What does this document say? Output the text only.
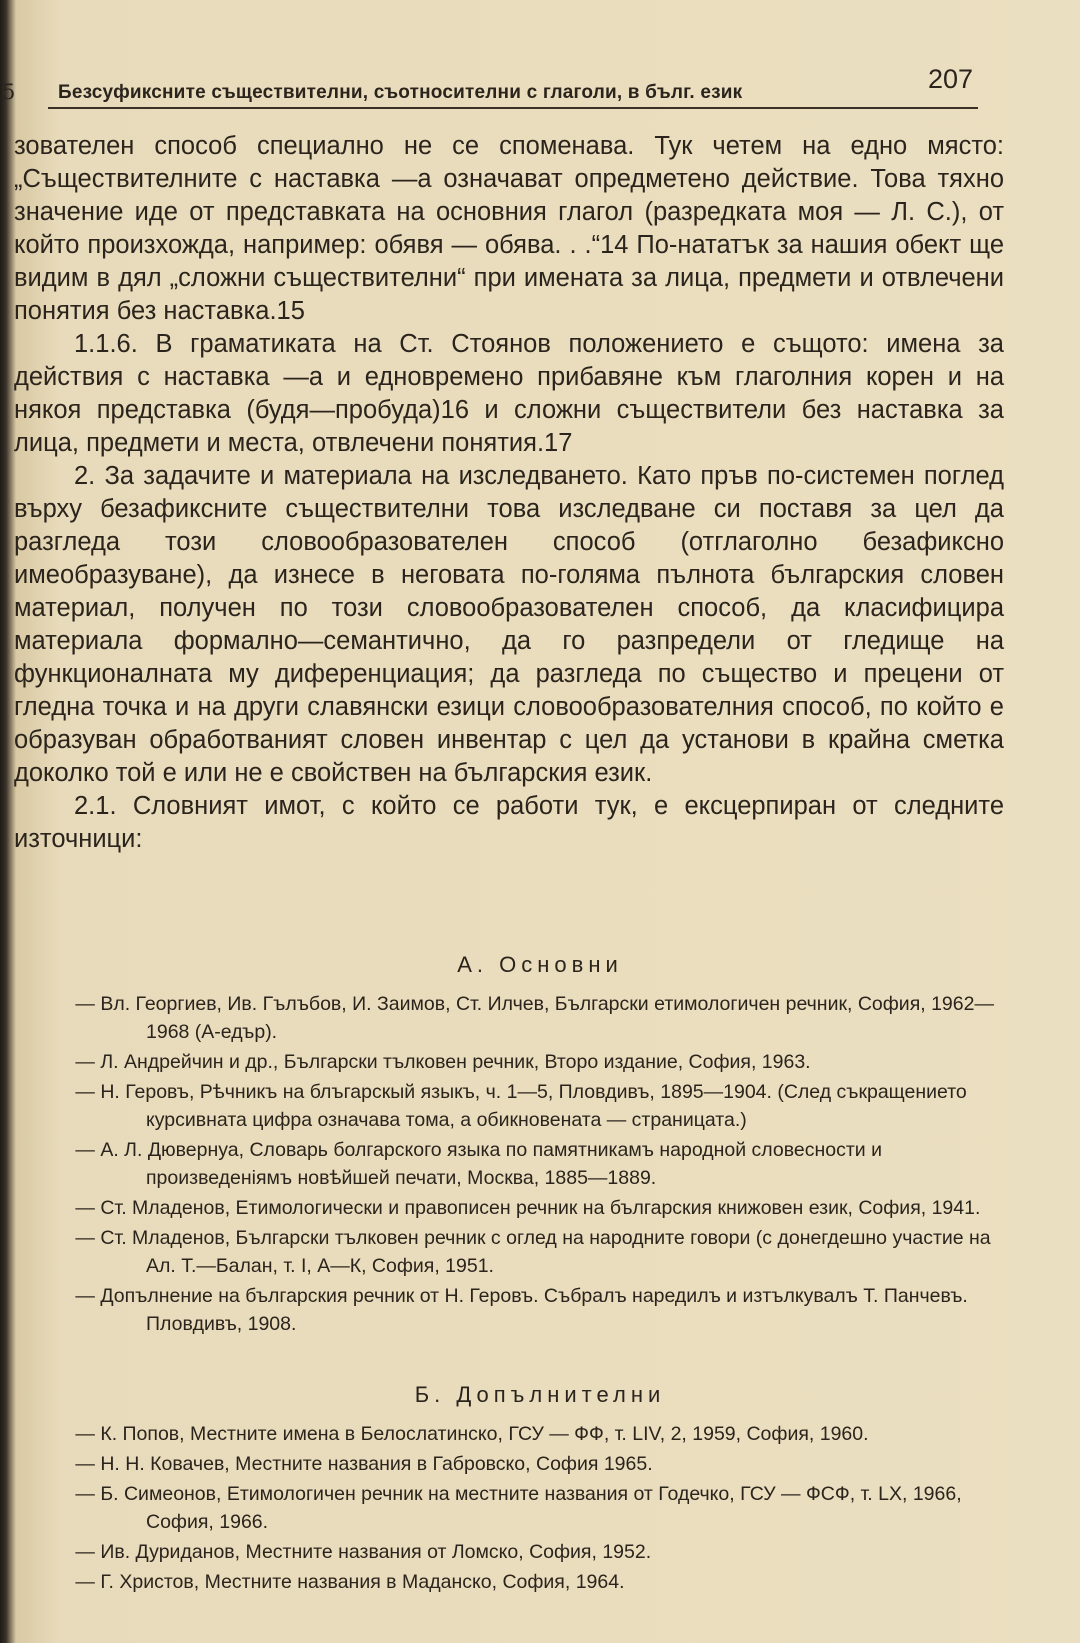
5 Безсуфиксните съществителни, съотносителни с глаголи, в бълг. език	207

зователен способ специално не се споменава. Тук четем на едно място: „Съществителните с наставка —а означават опредметено действие. Това тяхно значение иде от представката на основния глагол (разредката моя — Л. С.), от който произхожда, например: обявя — обява. . .“14 По-нататък за нашия обект ще видим в дял „сложни съществителни“ при имената за лица, предмети и отвлечени понятия без наставка.15

1.1.6. В граматиката на Ст. Стоянов положението е същото: имена за действия с наставка —а и едновремено прибавяне към глаголния корен и на някоя представка (будя—пробуда)16 и сложни съществители без наставка за лица, предмети и места, отвлечени понятия.17

2. За задачите и материала на изследването. Като пръв по-системен поглед върху безафиксните съществителни това изследване си поставя за цел да разгледа този словообразователен способ (отглаголно безафиксно имеобразуване), да изнесе в неговата по-голяма пълнота българския словен материал, получен по този словообразователен способ, да класифицира материала формално—семантично, да го разпредели от гледище на функционалната му диференциация; да разгледа по същество и прецени от гледна точка и на други славянски езици словообразователния способ, по който е образуван обработваният словен инвентар с цел да установи в крайна сметка доколко той е или не е свойствен на българския език.

2.1. Словният имот, с който се работи тук, е ексцерпиран от следните източници:

А. Основни

— Вл. Георгиев, Ив. Гълъбов, И. Заимов, Ст. Илчев, Български етимологичен речник, София, 1962—1968 (А-едър).

— Л. Андрейчин и др., Български тълковен речник, Второ издание, София, 1963.

— Н. Геровъ, Рѣчникъ на блъгарскый языкъ, ч. 1—5, Пловдивъ, 1895—1904. (След съкращението курсивната цифра означава тома, а обикновената — страницата.)

— А. Л. Дювернуа, Словарь болгарского языка по памятникамъ народной словесности и произведенiямъ новѣйшей печати, Москва, 1885—1889.

— Ст. Младенов, Етимологически и правописен речник на българския книжовен език, София, 1941.

— Ст. Младенов, Български тълковен речник с оглед на народните говори (с донегдешно участие на Ал. Т.—Балан, т. I, А—К, София, 1951.

— Допълнение на българския речник от Н. Геровъ. Събралъ наредилъ и изтълкувалъ Т. Панчевъ. Пловдивъ, 1908.

Б. Допълнителни

— К. Попов, Местните имена в Белослатинско, ГСУ — ФФ, т. LIV, 2, 1959, София, 1960.

— Н. Н. Ковачев, Местните названия в Габровско, София 1965.

— Б. Симеонов, Етимологичен речник на местните названия от Годечко, ГСУ — ФСФ, т. LX, 1966, София, 1966.

— Ив. Дуриданов, Местните названия от Ломско, София, 1952.

— Г. Христов, Местните названия в Маданско, София, 1964.
